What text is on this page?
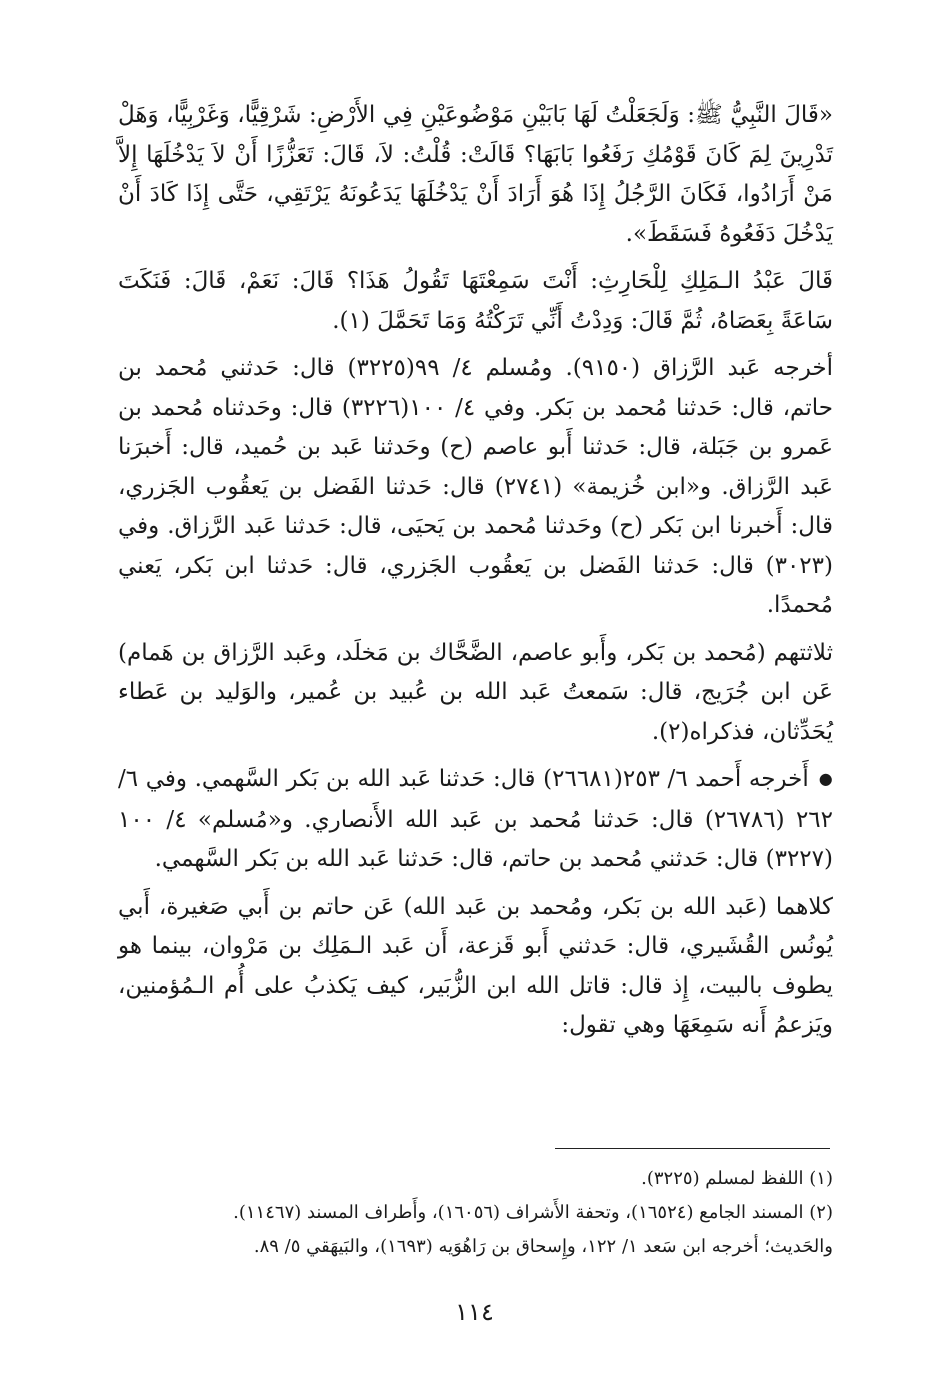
«قَالَ النَّبِيُّ ﷺ: وَلَجَعَلْتُ لَهَا بَابَيْنِ مَوْضُوعَيْنِ فِي الأَرْضِ: شَرْقِيًّا، وَغَرْبِيًّا، وَهَلْ تَدْرِينَ لِمَ كَانَ قَوْمُكِ رَفَعُوا بَابَهَا؟ قَالَتْ: قُلْتُ: لاَ، قَالَ: تَعَزُّزًا أَنْ لاَ يَدْخُلَهَا إِلاَّ مَنْ أَرَادُوا، فَكَانَ الرَّجُلُ إِذَا هُوَ أَرَادَ أَنْ يَدْخُلَهَا يَدَعُونَهُ يَرْتَقِي، حَتَّى إِذَا كَادَ أَنْ يَدْخُلَ دَفَعُوهُ فَسَقَطَ».

قَالَ عَبْدُ الـمَلِكِ لِلْحَارِثِ: أَنْتَ سَمِعْتَهَا تَقُولُ هَذَا؟ قَالَ: نَعَمْ، قَالَ: فَنَكَتَ سَاعَةً بِعَصَاهُ، ثُمَّ قَالَ: وَدِدْتُ أَنِّي تَرَكْتُهُ وَمَا تَحَمَّلَ (١).

أخرجه عَبد الرَّزاق (٩١٥٠). ومُسلم ٤/ ٩٩(٣٢٢٥) قال: حَدثني مُحمد بن حاتم، قال: حَدثنا مُحمد بن بَكر. وفي ٤/ ١٠٠(٣٢٢٦) قال: وحَدثناه مُحمد بن عَمرو بن جَبَلة، قال: حَدثنا أَبو عاصم (ح) وحَدثنا عَبد بن حُميد، قال: أَخبرَنا عَبد الرَّزاق. و«ابن خُزيمة» (٢٧٤١) قال: حَدثنا الفَضل بن يَعقُوب الجَزري، قال: أَخبرنا ابن بَكر (ح) وحَدثنا مُحمد بن يَحيَى، قال: حَدثنا عَبد الرَّزاق. وفي (٣٠٢٣) قال: حَدثنا الفَضل بن يَعقُوب الجَزري، قال: حَدثنا ابن بَكر، يَعني مُحمدًا.

ثلاثتهم (مُحمد بن بَكر، وأَبو عاصم، الضَّحَّاك بن مَخلَد، وعَبد الرَّزاق بن هَمام) عَن ابن جُرَيج، قال: سَمعتُ عَبد الله بن عُبيد بن عُمير، والوَليد بن عَطاء يُحَدِّثان، فذكراه(٢).

● أَخرجه أَحمد ٦/ ٢٥٣(٢٦٦٨١) قال: حَدثنا عَبد الله بن بَكر السَّهمي. وفي ٦/ ٢٦٢ (٢٦٧٨٦) قال: حَدثنا مُحمد بن عَبد الله الأَنصاري. و«مُسلم» ٤/ ١٠٠ (٣٢٢٧) قال: حَدثني مُحمد بن حاتم، قال: حَدثنا عَبد الله بن بَكر السَّهمي.

كلاهما (عَبد الله بن بَكر، ومُحمد بن عَبد الله) عَن حاتم بن أَبي صَغيرة، أَبي يُونُس القُشَيري، قال: حَدثني أَبو قَزعة، أَن عَبد الـمَلِك بن مَرْوان، بينما هو يطوف بالبيت، إِذ قال: قاتل الله ابن الزُّبَير، كيف يَكذبُ على أُم الـمُؤمنين، ويَزعمُ أَنه سَمِعَهَا وهي تقول:

(١) اللفظ لمسلم (٣٢٢٥).

(٢) المسند الجامع (١٦٥٢٤)، وتحفة الأَشراف (١٦٠٥٦)، وأَطراف المسند (١١٤٦٧).

والحَديث؛ أخرجه ابن سَعد ١/ ١٢٢، وإِسحاق بن رَاهُوَيه (١٦٩٣)، والبَيهَقي ٥/ ٨٩.

١١٤
